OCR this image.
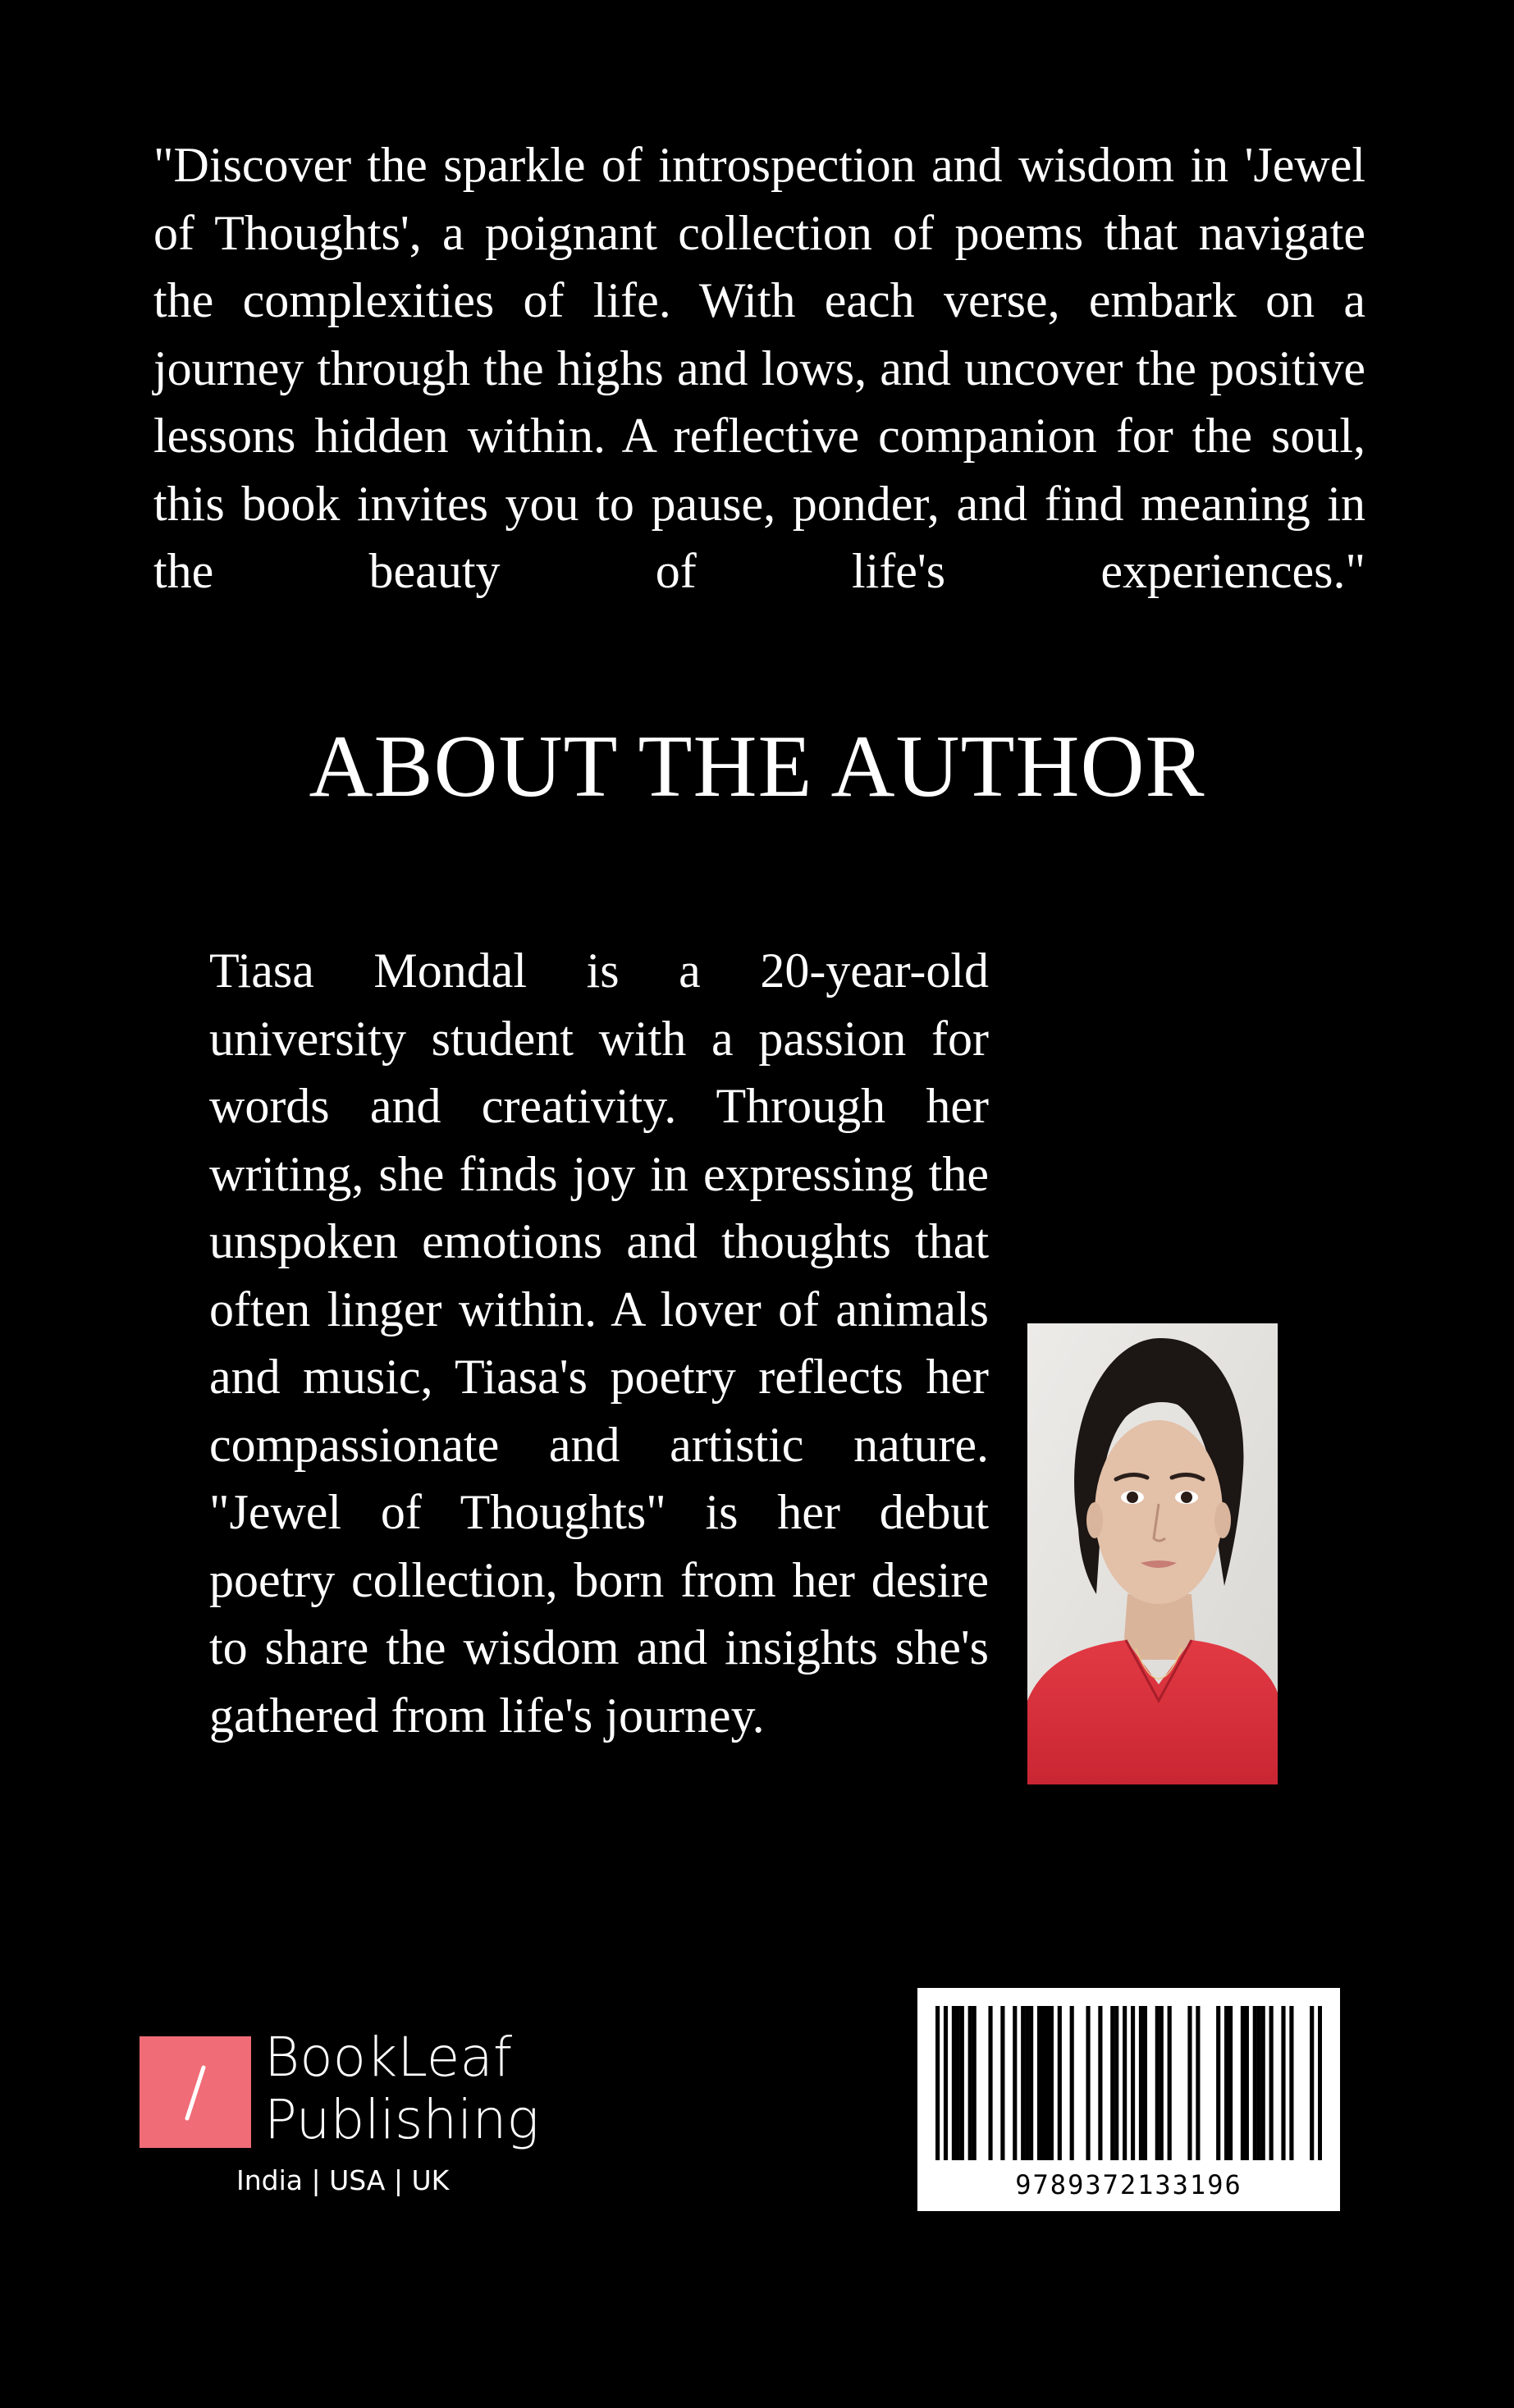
"Discover the sparkle of introspection and wisdom in 'Jewel of Thoughts', a poignant collection of poems that navigate the complexities of life. With each verse, embark on a journey through the highs and lows, and uncover the positive lessons hidden within. A reflective companion for the soul, this book invites you to pause, ponder, and find meaning in the beauty of life's experiences."

ABOUT THE AUTHOR

Tiasa Mondal is a 20-year-old university student with a passion for words and creativity. Through her writing, she finds joy in expressing the unspoken emotions and thoughts that often linger within. A lover of animals and music, Tiasa's poetry reflects her compassionate and artistic nature. "Jewel of Thoughts" is her debut poetry collection, born from her desire to share the wisdom and insights she's gathered from life's journey.

BookLeaf
Publishing
India | USA | UK	9789372133196
